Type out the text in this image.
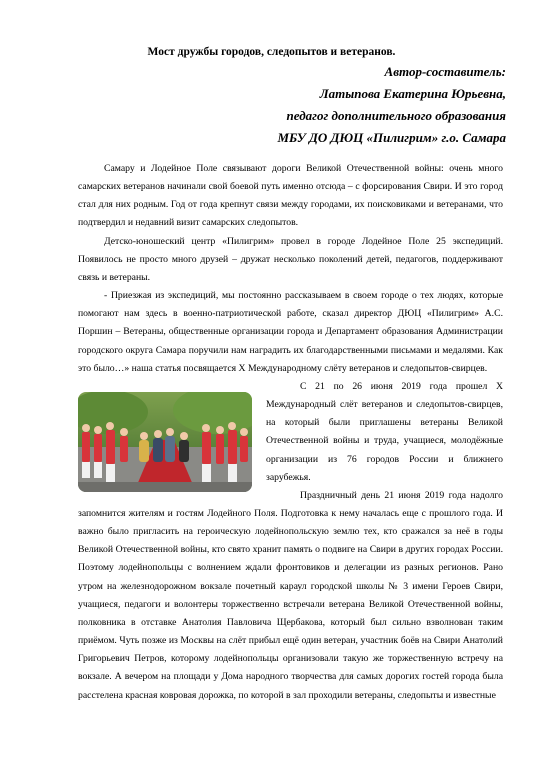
Мост дружбы городов, следопытов и ветеранов.
Автор-составитель:
Латыпова Екатерина Юрьевна,
педагог дополнительного образования
МБУ ДО ДЮЦ «Пилигрим» г.о. Самара

Самару и Лодейное Поле связывают дороги Великой Отечественной войны: очень много самарских ветеранов начинали свой боевой путь именно отсюда – с форсирования Свири. И это город стал для них родным. Год от года крепнут связи между городами, их поисковиками и ветеранами, что подтвердил и недавний визит самарских следопытов.

Детско-юношеский центр «Пилигрим» провел в городе Лодейное Поле 25 экспедиций. Появилось не просто много друзей – дружат несколько поколений детей, педагогов, поддерживают связь и ветераны.

- Приезжая из экспедиций, мы постоянно рассказываем в своем городе о тех людях, которые помогают нам здесь в военно-патриотической работе, сказал директор ДЮЦ «Пилигрим» А.С. Поршин – Ветераны, общественные организации города и Департамент образования Администрации городского округа Самара поручили нам наградить их благодарственными письмами и медалями. Как это было…» наша статья посвящается X Международному слёту ветеранов и следопытов-свирцев.

С 21 по 26 июня 2019 года прошел X Международный слёт ветеранов и следопытов-свирцев, на который были приглашены ветераны Великой Отечественной войны и труда, учащиеся, молодёжные организации из 76 городов России и ближнего зарубежья.

Праздничный день 21 июня 2019 года надолго запомнится жителям и гостям Лодейного Поля. Подготовка к нему началась еще с прошлого года. И важно было пригласить на героическую лодейнопольскую землю тех, кто сражался за неё в годы Великой Отечественной войны, кто свято хранит память о подвиге на Свири в других городах России. Поэтому лодейнопольцы с волнением ждали фронтовиков и делегации из разных регионов. Рано утром на железнодорожном вокзале почетный караул городской школы № 3 имени Героев Свири, учащиеся, педагоги и волонтеры торжественно встречали ветерана Великой Отечественной войны, полковника в отставке Анатолия Павловича Щербакова, который был сильно взволнован таким приёмом. Чуть позже из Москвы на слёт прибыл ещё один ветеран, участник боёв на Свири Анатолий Григорьевич Петров, которому лодейнопольцы организовали такую же торжественную встречу на вокзале. А вечером на площади у Дома народного творчества для самых дорогих гостей города была расстелена красная ковровая дорожка, по которой в зал проходили ветераны, следопыты и известные
